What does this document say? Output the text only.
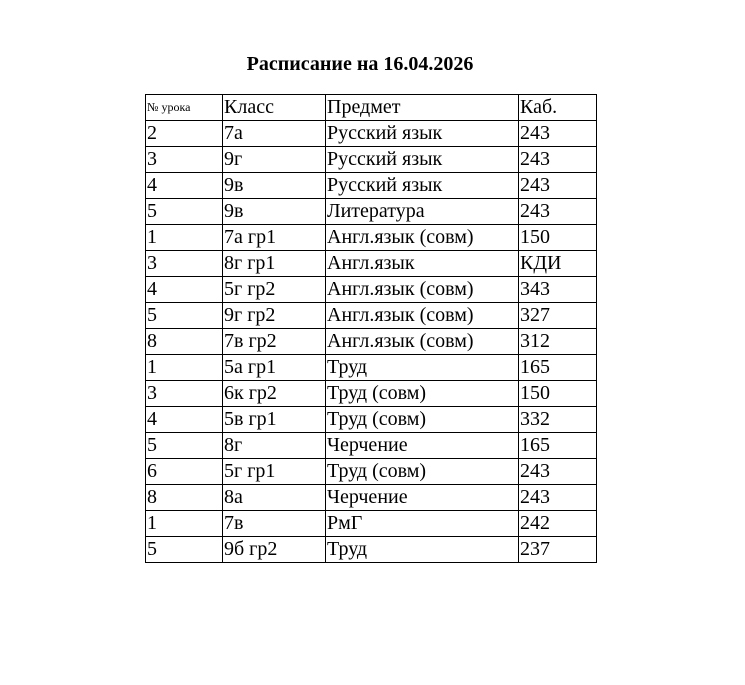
Расписание на 16.04.2026
№ урока	Класс	Предмет	Каб.
2	7а	Русский язык	243
3	9г	Русский язык	243
4	9в	Русский язык	243
5	9в	Литература	243
1	7а гр1	Англ.язык (совм)	150
3	8г гр1	Англ.язык	КДИ
4	5г гр2	Англ.язык (совм)	343
5	9г гр2	Англ.язык (совм)	327
8	7в гр2	Англ.язык (совм)	312
1	5а гр1	Труд	165
3	6к гр2	Труд (совм)	150
4	5в гр1	Труд (совм)	332
5	8г	Черчение	165
6	5г гр1	Труд (совм)	243
8	8а	Черчение	243
1	7в	РмГ	242
5	9б гр2	Труд	237
